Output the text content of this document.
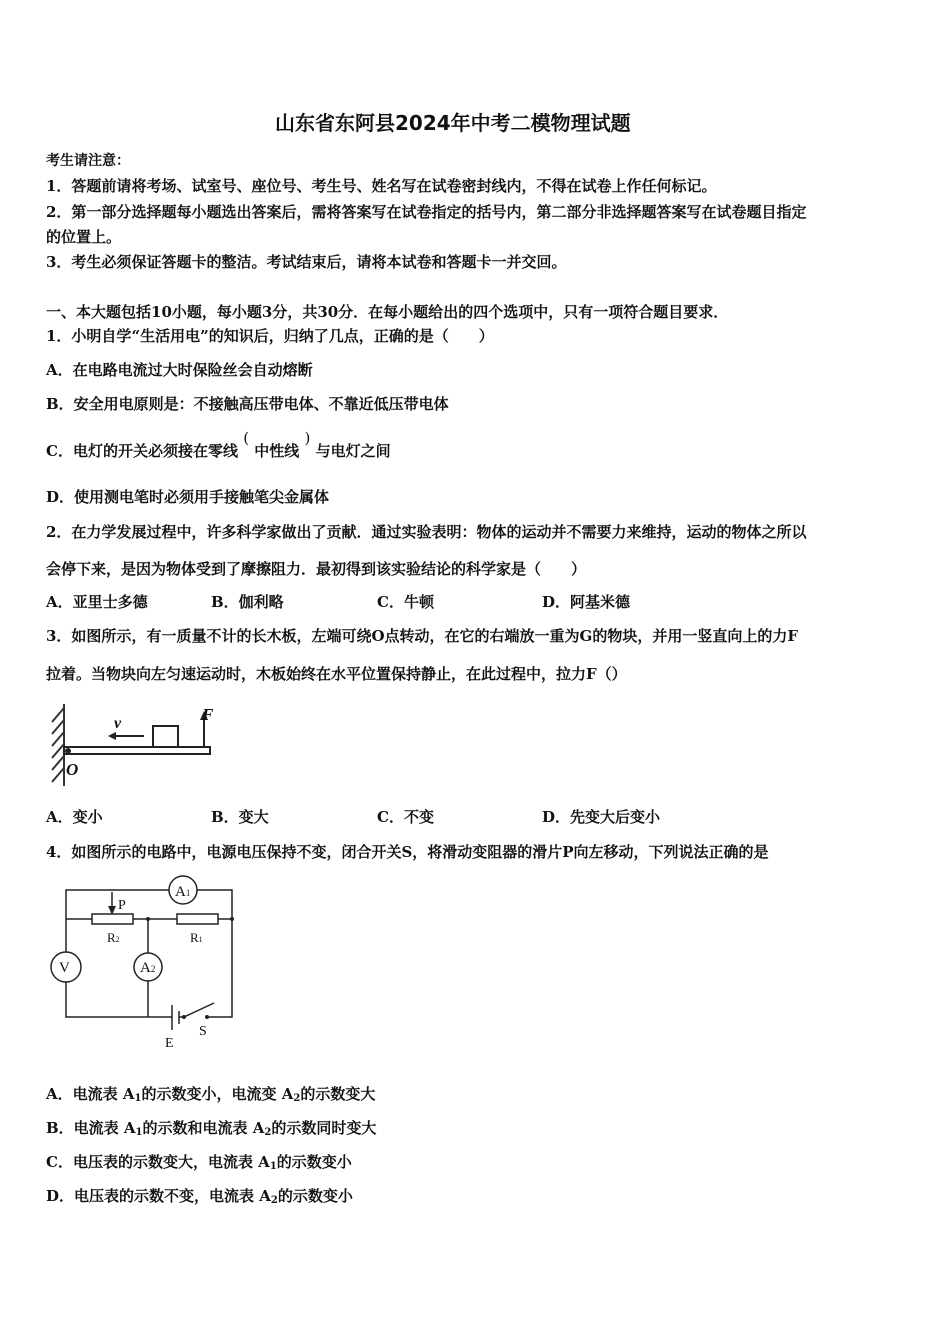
山东省东阿县2024年中考二模物理试题
考生请注意：
1．答题前请将考场、试室号、座位号、考生号、姓名写在试卷密封线内，不得在试卷上作任何标记。
2．第一部分选择题每小题选出答案后，需将答案写在试卷指定的括号内，第二部分非选择题答案写在试卷题目指定
的位置上。
3．考生必须保证答题卡的整洁。考试结束后，请将本试卷和答题卡一并交回。
一、本大题包括10小题，每小题3分，共30分．在每小题给出的四个选项中，只有一项符合题目要求．
1．小明自学“生活用电”的知识后，归纳了几点，正确的是（　　）
A．在电路电流过大时保险丝会自动熔断
B．安全用电原则是：不接触高压带电体、不靠近低压带电体
C．电灯的开关必须接在零线 ( 中性线 ) 与电灯之间
D．使用测电笔时必须用手接触笔尖金属体
2．在力学发展过程中，许多科学家做出了贡献．通过实验表明：物体的运动并不需要力来维持，运动的物体之所以
会停下来，是因为物体受到了摩擦阻力．最初得到该实验结论的科学家是（　　）
A．亚里士多德	B．伽利略	C．牛顿	D．阿基米德
3．如图所示，有一质量不计的长木板，左端可绕O点转动，在它的右端放一重为G的物块，并用一竖直向上的力F
拉着。当物块向左匀速运动时，木板始终在水平位置保持静止，在此过程中，拉力F（）
v	F
O
A．变小	B．变大	C．不变	D．先变大后变小
4．如图所示的电路中，电源电压保持不变，闭合开关S，将滑动变阻器的滑片P向左移动，下列说法正确的是
A1
V	A2
R2
P
R1
E
S
A．电流表 $A_1$的示数变小，电流变 $A_2$的示数变大
B．电流表 $A_1$的示数和电流表 $A_2$的示数同时变大
C．电压表的示数变大，电流表 $A_1$的示数变小
D．电压表的示数不变，电流表 $A_2$的示数变小
